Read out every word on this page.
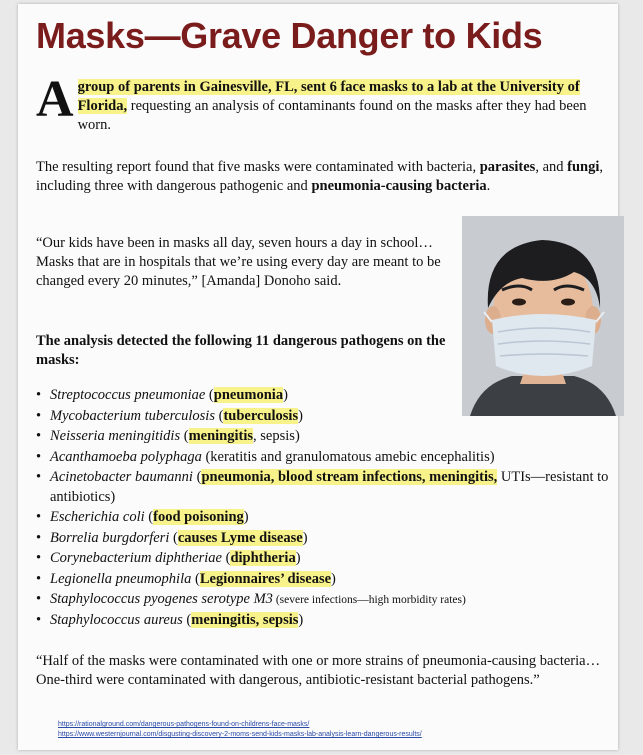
Masks—Grave Danger to Kids
Agroup of parents in Gainesville, FL, sent 6 face masks to a lab at the University of Florida, requesting an analysis of contaminants found on the masks after they had been worn.
The resulting report found that five masks were contaminated with bacteria, parasites, and fungi, including three with dangerous pathogenic and pneumonia-causing bacteria.
“Our kids have been in masks all day, seven hours a day in school… Masks that are in hospitals that we’re using every day are meant to be changed every 20 minutes,” [Amanda] Donoho said.
The analysis detected the following 11 dangerous pathogens on the masks:
• Streptococcus pneumoniae (pneumonia)
• Mycobacterium tuberculosis (tuberculosis)
• Neisseria meningitidis (meningitis, sepsis)
• Acanthamoeba polyphaga (keratitis and granulomatous amebic encephalitis)
• Acinetobacter baumanni (pneumonia, blood stream infections, meningitis, UTIs—resistant to antibiotics)
• Escherichia coli (food poisoning)
• Borrelia burgdorferi (causes Lyme disease)
• Corynebacterium diphtheriae (diphtheria)
• Legionella pneumophila (Legionnaires’ disease)
• Staphylococcus pyogenes serotype M3 (severe infections—high morbidity rates)
• Staphylococcus aureus (meningitis, sepsis)
“Half of the masks were contaminated with one or more strains of pneumonia-causing bacteria… One-third were contaminated with dangerous, antibiotic-resistant bacterial pathogens.”
https://rationalground.com/dangerous-pathogens-found-on-childrens-face-masks/
https://www.westernjournal.com/disgusting-discovery-2-moms-send-kids-masks-lab-analysis-learn-dangerous-results/
